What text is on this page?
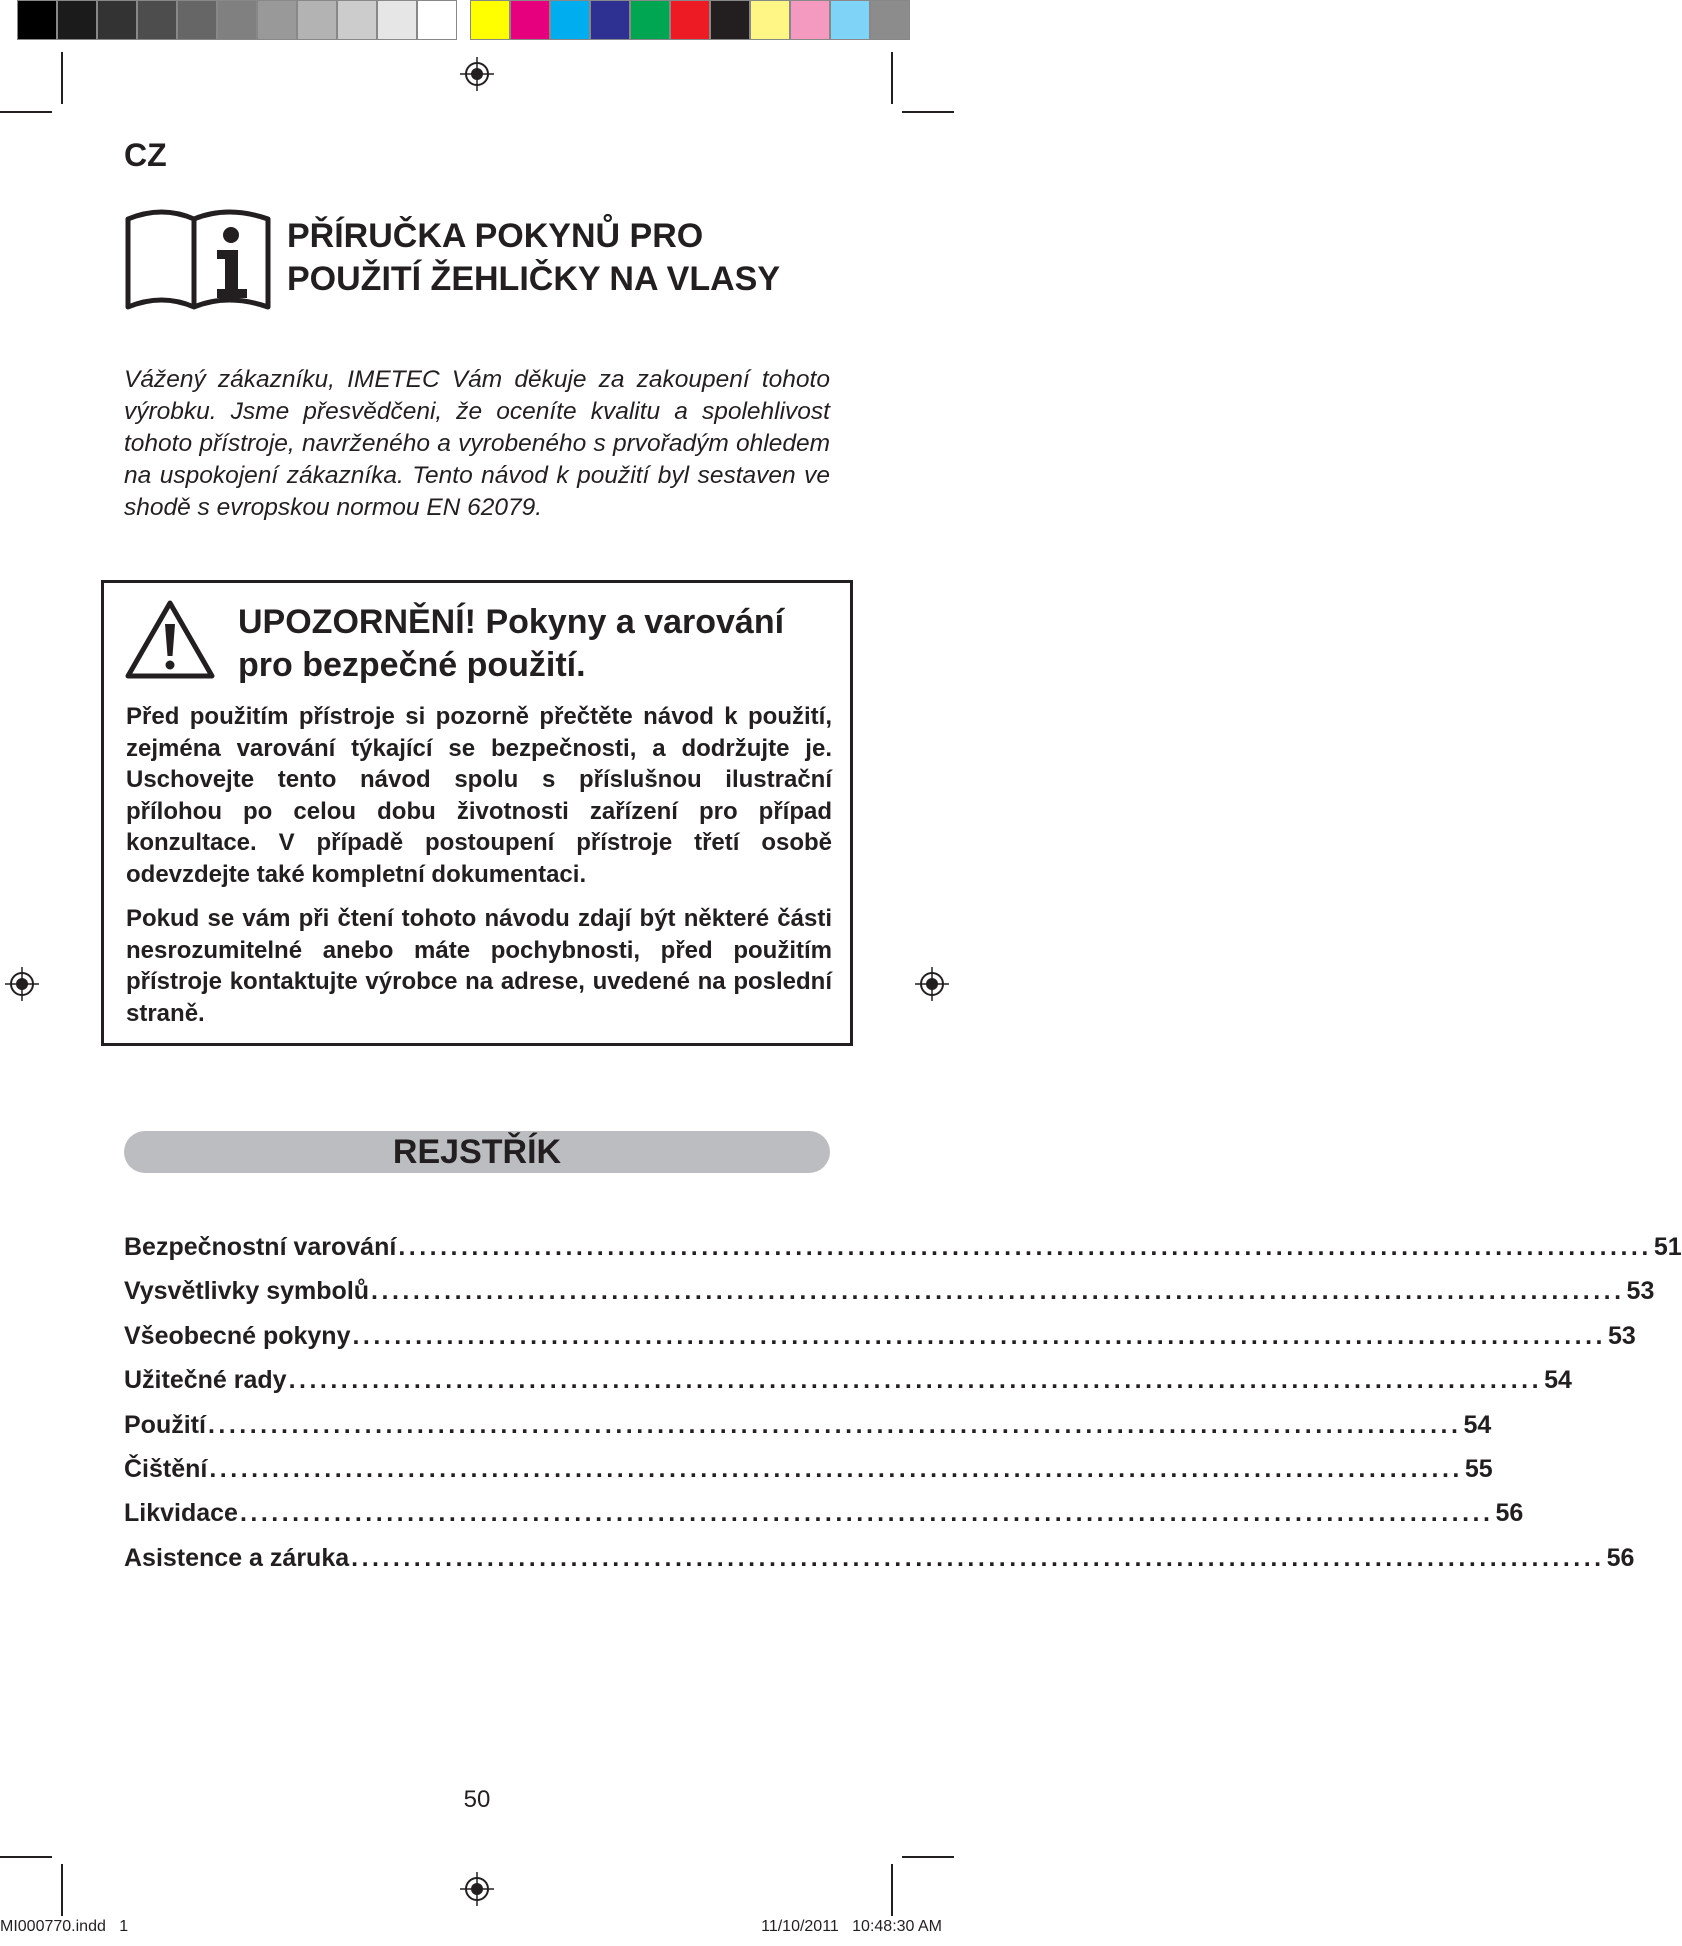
CZ
PŘÍRUČKA POKYNŮ PRO
POUŽITÍ ŽEHLIČKY NA VLASY

Vážený zákazníku, IMETEC Vám děkuje za zakoupení tohoto výrobku. Jsme přesvědčeni, že oceníte kvalitu a spolehlivost tohoto přístroje, navrženého a vyrobeného s prvořadým ohledem na uspokojení zákazníka. Tento návod k použití byl sestaven ve shodě s evropskou normou EN 62079.

UPOZORNĚNÍ! Pokyny a varování
pro bezpečné použití.

Před použitím přístroje si pozorně přečtěte návod k použití, zejména varování týkající se bezpečnosti, a dodržujte je. Uschovejte tento návod spolu s příslušnou ilustrační přílohou po celou dobu životnosti zařízení pro případ konzultace. V případě postoupení přístroje třetí osobě odevzdejte také kompletní dokumentaci.

Pokud se vám při čtení tohoto návodu zdají být některé části nesrozumitelné anebo máte pochybnosti, před použitím přístroje kontaktujte výrobce na adrese, uvedené na poslední straně.

REJSTŘÍK
Bezpečnostní varování ........................................................................................................................ 51
Vysvětlivky symbolů ........................................................................................................................ 53
Všeobecné pokyny ........................................................................................................................ 53
Užitečné rady ........................................................................................................................ 54
Použití ........................................................................................................................ 54
Čištění ........................................................................................................................ 55
Likvidace ........................................................................................................................ 56
Asistence a záruka ........................................................................................................................ 56
50
MI000770.indd   1	11/10/2011   10:48:30 AM
